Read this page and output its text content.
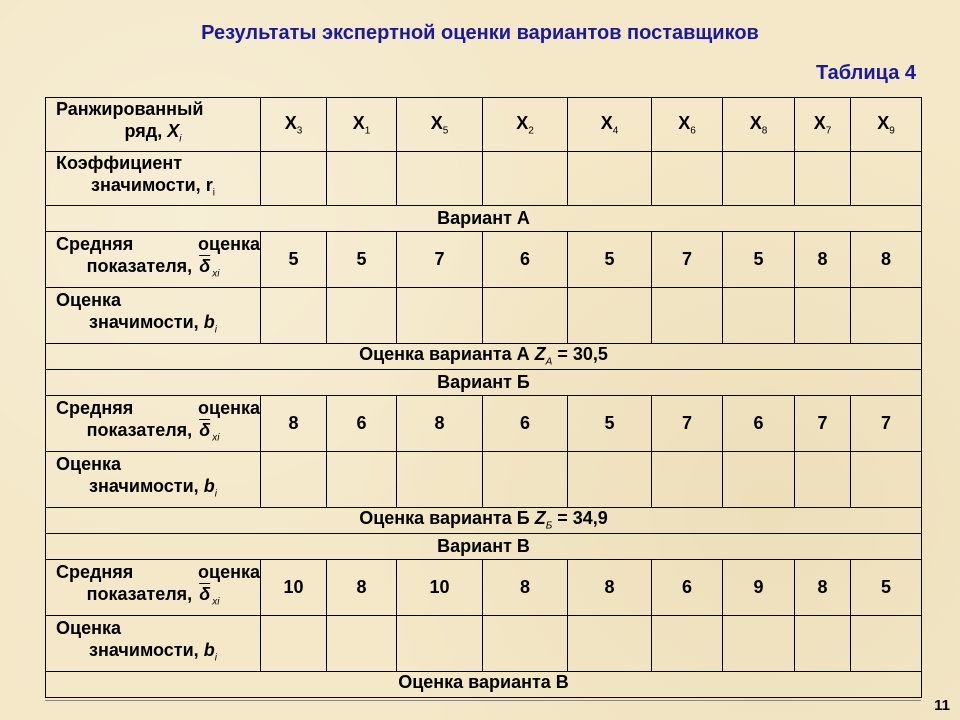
Результаты экспертной оценки вариантов поставщиков
Таблица 4
Ранжированный
ряд, $X_i$	$X_3$	$X_1$	$X_5$	$X_2$	$X_4$	$X_6$	$X_8$	$X_7$	$X_9$

Коэффициент
значимости, $r_i$

Вариант А									

Средняя оценка
показателя, $\overline{\delta}$ $_{xi}$	5	5	7	6	5	7	5	8	8

Оценка
значимости, $b_i$

Оценка варианта А $Z_А = 30,5$									
Вариант Б									

Средняя оценка
показателя, $\overline{\delta}$ $_{xi}$	8	6	8	6	5	7	6	7	7

Оценка
значимости, $b_i$

Оценка варианта Б $Z_Б = 34,9$									
Вариант В									

Средняя оценка
показателя, $\overline{\delta}$ $_{xi}$	10	8	10	8	8	6	9	8	5

Оценка
значимости, $b_i$

Оценка варианта В									
11
